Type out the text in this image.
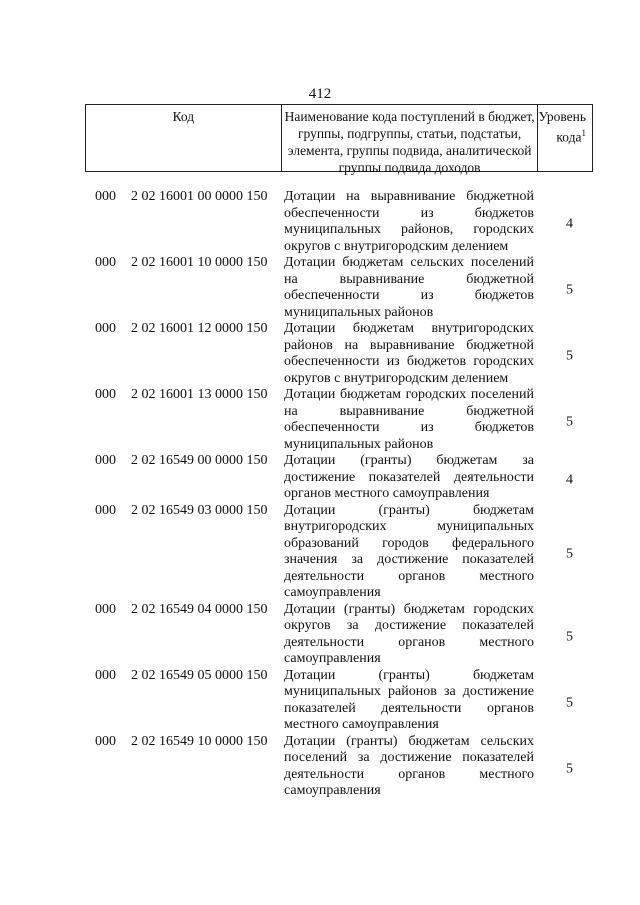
412
Код	Наименование кода поступлений в бюджет, группы, подгруппы, статьи, подстатьи, элемента, группы подвида, аналитической группы подвида доходов
Уровень кода$^1$
000 2 02 16001 00 0000 150 Дотации на выравнивание бюджетной обеспеченности из бюджетов муниципальных районов, городских округов с внутригородским делением
4
000 2 02 16001 10 0000 150 Дотации бюджетам сельских поселений на выравнивание бюджетной обеспеченности из бюджетов муниципальных районов
5
000 2 02 16001 12 0000 150 Дотации бюджетам внутригородских районов на выравнивание бюджетной обеспеченности из бюджетов городских округов с внутригородским делением
5
000 2 02 16001 13 0000 150 Дотации бюджетам городских поселений на выравнивание бюджетной обеспеченности из бюджетов муниципальных районов
5
000 2 02 16549 00 0000 150 Дотации (гранты) бюджетам за достижение показателей деятельности органов местного самоуправления
4
000 2 02 16549 03 0000 150 Дотации (гранты) бюджетам внутригородских муниципальных образований городов федерального значения за достижение показателей деятельности органов местного самоуправления
5
000 2 02 16549 04 0000 150 Дотации (гранты) бюджетам городских округов за достижение показателей деятельности органов местного самоуправления
5
000 2 02 16549 05 0000 150 Дотации (гранты) бюджетам муниципальных районов за достижение показателей деятельности органов местного самоуправления
5
000 2 02 16549 10 0000 150 Дотации (гранты) бюджетам сельских поселений за достижение показателей деятельности органов местного самоуправления
5
